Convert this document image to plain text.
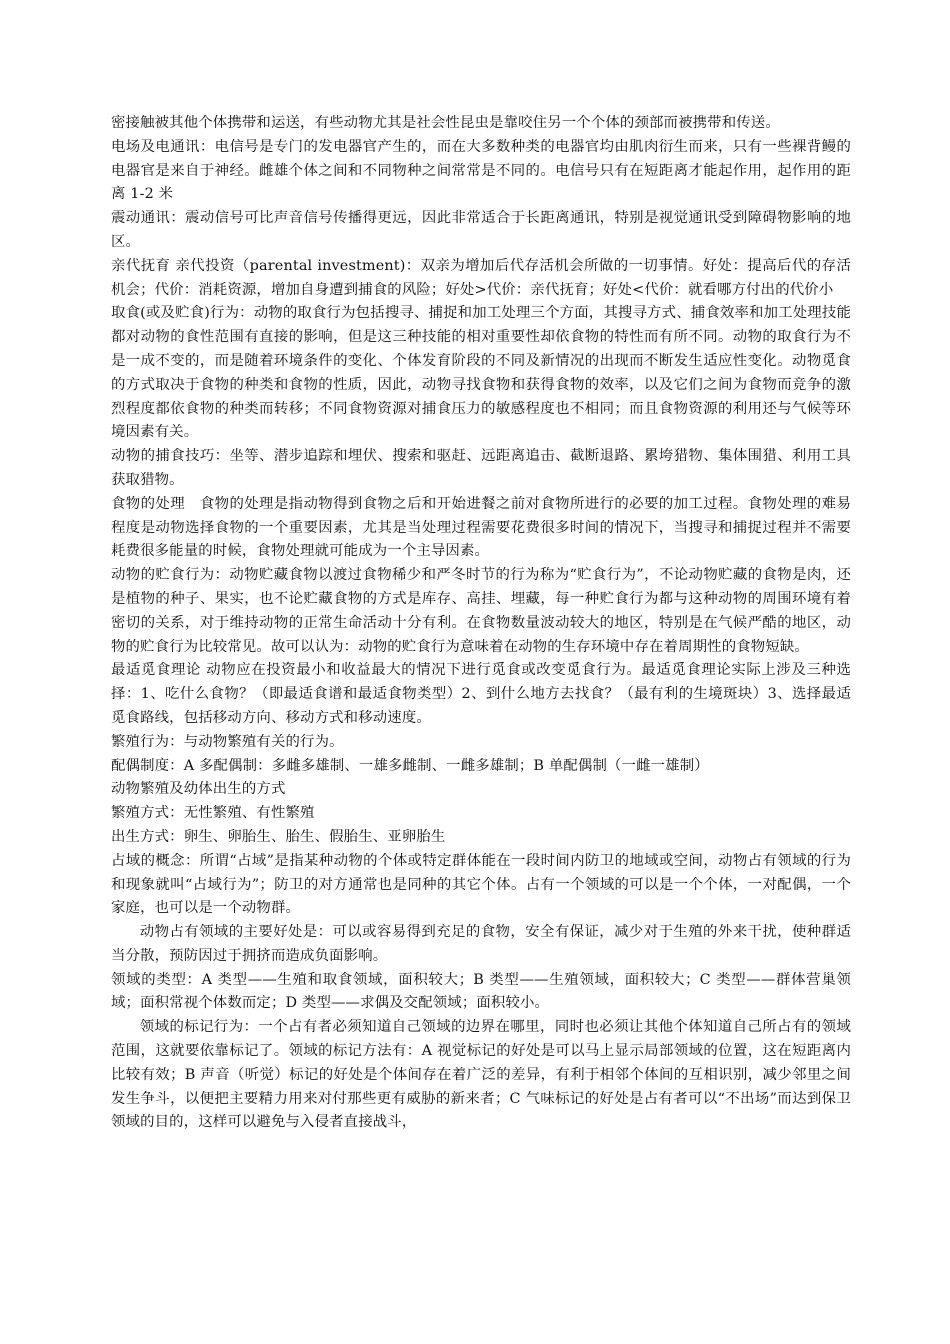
密接触被其他个体携带和运送，有些动物尤其是社会性昆虫是靠咬住另一个个体的颈部而被携带和传送。

电场及电通讯：电信号是专门的发电器官产生的，而在大多数种类的电器官均由肌肉衍生而来，只有一些裸背鳗的电器官是来自于神经。雌雄个体之间和不同物种之间常常是不同的。电信号只有在短距离才能起作用，起作用的距离 1-2 米

震动通讯：震动信号可比声音信号传播得更远，因此非常适合于长距离通讯，特别是视觉通讯受到障碍物影响的地区。

亲代抚育 亲代投资（parental investment)：双亲为增加后代存活机会所做的一切事情。好处：提高后代的存活机会；代价：消耗资源，增加自身遭到捕食的风险；好处>代价：亲代抚育；好处<代价：就看哪方付出的代价小

取食(或及贮食)行为：动物的取食行为包括搜寻、捕捉和加工处理三个方面，其搜寻方式、捕食效率和加工处理技能都对动物的食性范围有直接的影响，但是这三种技能的相对重要性却依食物的特性而有所不同。动物的取食行为不是一成不变的，而是随着环境条件的变化、个体发育阶段的不同及新情况的出现而不断发生适应性变化。动物觅食的方式取决于食物的种类和食物的性质，因此，动物寻找食物和获得食物的效率，以及它们之间为食物而竞争的激烈程度都依食物的种类而转移；不同食物资源对捕食压力的敏感程度也不相同；而且食物资源的利用还与气候等环境因素有关。

动物的捕食技巧：坐等、潜步追踪和埋伏、搜索和驱赶、远距离追击、截断退路、累垮猎物、集体围猎、利用工具获取猎物。

食物的处理　食物的处理是指动物得到食物之后和开始进餐之前对食物所进行的必要的加工过程。食物处理的难易程度是动物选择食物的一个重要因素，尤其是当处理过程需要花费很多时间的情况下，当搜寻和捕捉过程并不需要耗费很多能量的时候，食物处理就可能成为一个主导因素。

动物的贮食行为：动物贮藏食物以渡过食物稀少和严冬时节的行为称为“贮食行为”，不论动物贮藏的食物是肉，还是植物的种子、果实，也不论贮藏食物的方式是库存、高挂、埋藏，每一种贮食行为都与这种动物的周围环境有着密切的关系，对于维持动物的正常生命活动十分有利。在食物数量波动较大的地区，特别是在气候严酷的地区，动物的贮食行为比较常见。故可以认为：动物的贮食行为意味着在动物的生存环境中存在着周期性的食物短缺。

最适觅食理论 动物应在投资最小和收益最大的情况下进行觅食或改变觅食行为。最适觅食理论实际上涉及三种选择：1、吃什么食物？（即最适食谱和最适食物类型）2、到什么地方去找食？（最有利的生境斑块）3、选择最适觅食路线，包括移动方向、移动方式和移动速度。

繁殖行为：与动物繁殖有关的行为。

配偶制度：A 多配偶制：多雌多雄制、一雄多雌制、一雌多雄制；B 单配偶制（一雌一雄制）

动物繁殖及幼体出生的方式

繁殖方式：无性繁殖、有性繁殖

出生方式：卵生、卵胎生、胎生、假胎生、亚卵胎生

占域的概念：所谓“占域”是指某种动物的个体或特定群体能在一段时间内防卫的地域或空间，动物占有领域的行为和现象就叫“占域行为”；防卫的对方通常也是同种的其它个体。占有一个领域的可以是一个个体，一对配偶，一个家庭，也可以是一个动物群。

动物占有领域的主要好处是：可以或容易得到充足的食物，安全有保证，减少对于生殖的外来干扰，使种群适当分散，预防因过于拥挤而造成负面影响。

领域的类型：A 类型——生殖和取食领域，面积较大；B 类型——生殖领域，面积较大；C 类型——群体营巢领域；面积常视个体数而定；D 类型——求偶及交配领域；面积较小。

领域的标记行为：一个占有者必须知道自己领域的边界在哪里，同时也必须让其他个体知道自己所占有的领域范围，这就要依靠标记了。领域的标记方法有：A 视觉标记的好处是可以马上显示局部领域的位置，这在短距离内比较有效；B 声音（听觉）标记的好处是个体间存在着广泛的差异，有利于相邻个体间的互相识别，减少邻里之间发生争斗，以便把主要精力用来对付那些更有威胁的新来者；C 气味标记的好处是占有者可以“不出场”而达到保卫领域的目的，这样可以避免与入侵者直接战斗，
